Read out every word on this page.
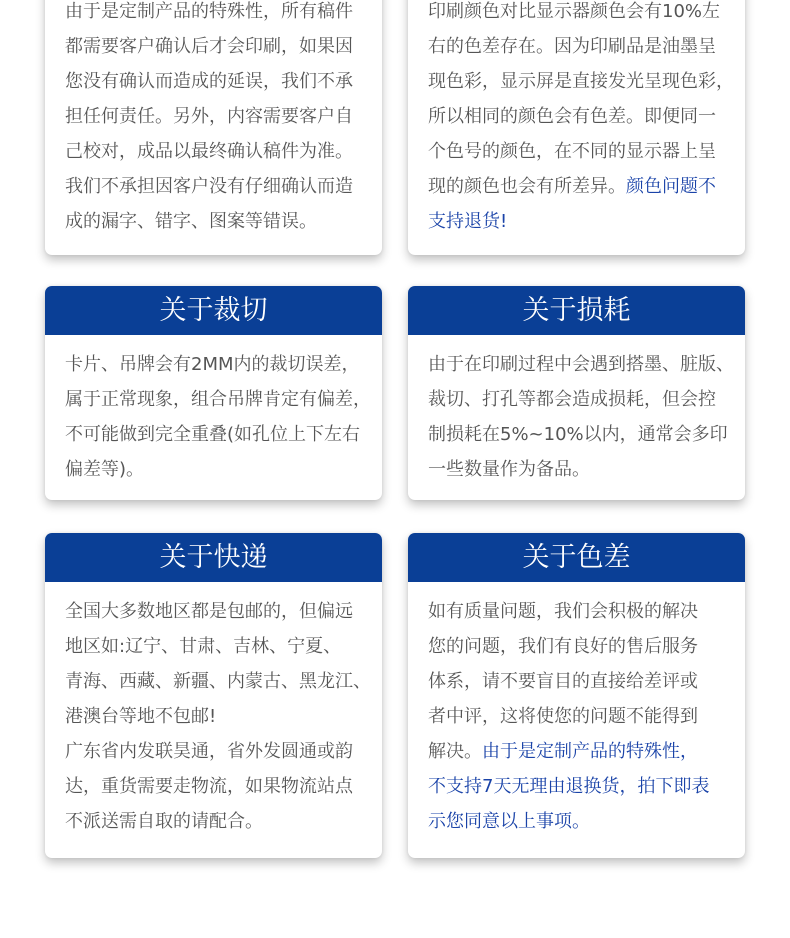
由于是定制产品的特殊性，所有稿件
都需要客户确认后才会印刷，如果因
您没有确认而造成的延误，我们不承
担任何责任。另外，内容需要客户自
己校对，成品以最终确认稿件为准。
我们不承担因客户没有仔细确认而造
成的漏字、错字、图案等错误。
印刷颜色对比显示器颜色会有10%左
右的色差存在。因为印刷品是油墨呈
现色彩，显示屏是直接发光呈现色彩，
所以相同的颜色会有色差。即便同一
个色号的颜色，在不同的显示器上呈
现的颜色也会有所差异。颜色问题不
支持退货!
关于裁切
卡片、吊牌会有2MM内的裁切误差，
属于正常现象，组合吊牌肯定有偏差，
不可能做到完全重叠(如孔位上下左右
偏差等)。
关于损耗
由于在印刷过程中会遇到搭墨、脏版、
裁切、打孔等都会造成损耗，但会控
制损耗在5%~10%以内，通常会多印
一些数量作为备品。
关于快递
全国大多数地区都是包邮的，但偏远
地区如:辽宁、甘肃、吉林、宁夏、
青海、西藏、新疆、内蒙古、黑龙江、
港澳台等地不包邮!
广东省内发联昊通，省外发圆通或韵
达，重货需要走物流，如果物流站点
不派送需自取的请配合。
关于色差
如有质量问题，我们会积极的解决
您的问题，我们有良好的售后服务
体系，请不要盲目的直接给差评或
者中评，这将使您的问题不能得到
解决。由于是定制产品的特殊性，
不支持7天无理由退换货，拍下即表
示您同意以上事项。
